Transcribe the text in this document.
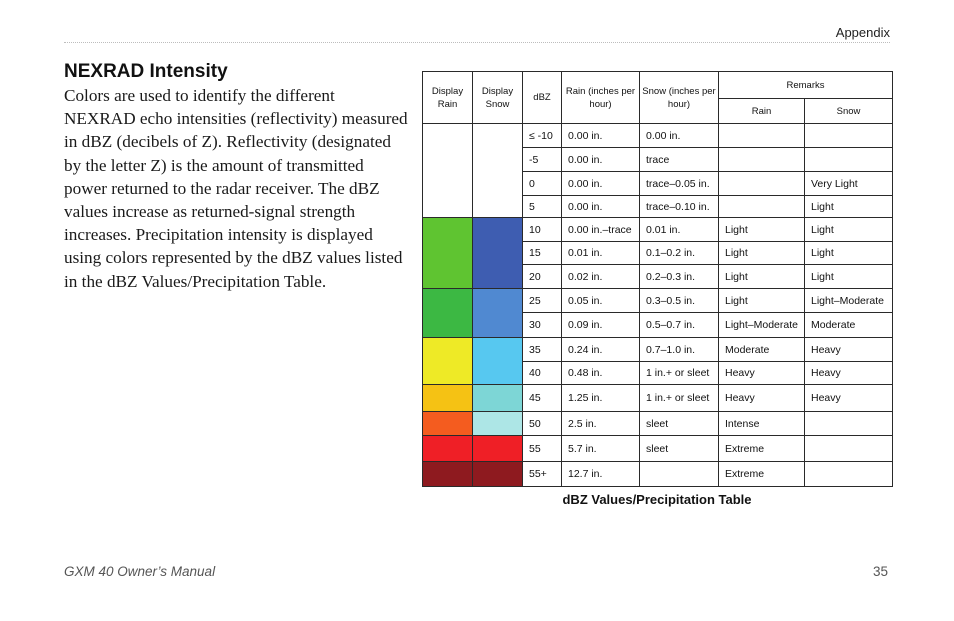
Appendix
NEXRAD Intensity
Colors are used to identify the different
NEXRAD echo intensities (reflectivity) measured
in dBZ (decibels of Z). Reflectivity (designated
by the letter Z) is the amount of transmitted
power returned to the radar receiver. The dBZ
values increase as returned-signal strength
increases. Precipitation intensity is displayed
using colors represented by the dBZ values listed
in the dBZ Values/Precipitation Table.
Display Rain	Display Snow	dBZ	Rain (inches per hour)	Snow (inches per hour)	Remarks	
					Rain	Snow
		≤ -10	0.00 in.	0.00 in.		
		-5	0.00 in.	trace		
		0	0.00 in.	trace–0.05 in.		Very Light
		5	0.00 in.	trace–0.10 in.		Light
		10	0.00 in.–trace	0.01 in.	Light	Light
		15	0.01 in.	0.1–0.2 in.	Light	Light
		20	0.02 in.	0.2–0.3 in.	Light	Light
		25	0.05 in.	0.3–0.5 in.	Light	Light–Moderate
		30	0.09 in.	0.5–0.7 in.	Light–Moderate	Moderate
		35	0.24 in.	0.7–1.0 in.	Moderate	Heavy
		40	0.48 in.	1 in.+ or sleet	Heavy	Heavy
		45	1.25 in.	1 in.+ or sleet	Heavy	Heavy
		50	2.5 in.	sleet	Intense	
		55	5.7 in.	sleet	Extreme	
		55+	12.7 in.		Extreme	
dBZ Values/Precipitation Table
GXM 40 Owner’s Manual	35
